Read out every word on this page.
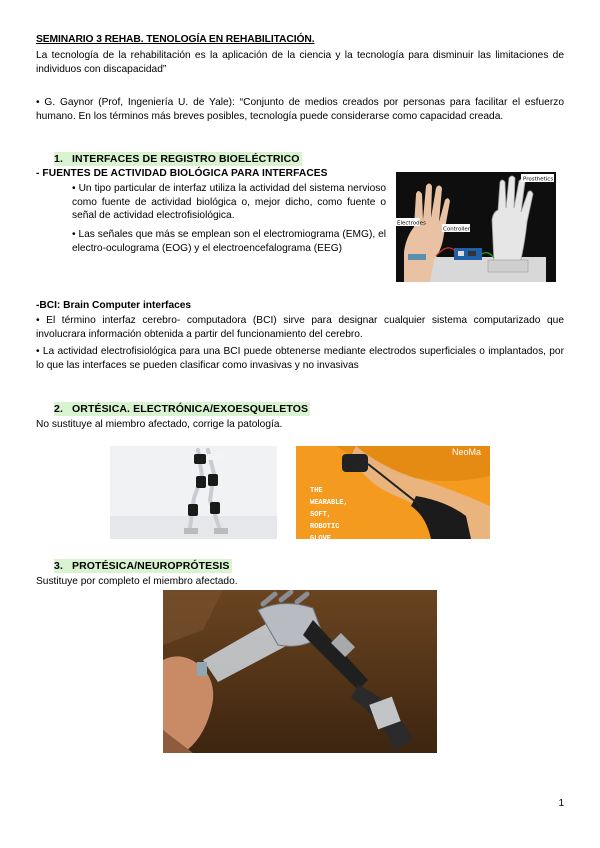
SEMINARIO 3 REHAB. TENOLOGÍA EN REHABILITACIÓN.
La tecnología de la rehabilitación es la aplicación de la ciencia y la tecnología para disminuir las limitaciones de individuos con discapacidad”
• G. Gaynor (Prof, Ingeniería U. de Yale): “Conjunto de medios creados por personas para facilitar el esfuerzo humano. En los términos más breves posibles, tecnología puede considerarse como capacidad creada.
1. INTERFACES DE REGISTRO BIOELÉCTRICO
- FUENTES DE ACTIVIDAD BIOLÓGICA PARA INTERFACES
• Un tipo particular de interfaz utiliza la actividad del sistema nervioso como fuente de actividad biológica o, mejor dicho, como fuente o señal de actividad electrofisiológica.
• Las señales que más se emplean son el electromiograma (EMG), el electro-oculograma (EOG) y el electroencefalograma (EEG)
Prosthetics
Electrodes
Controller
-BCI: Brain Computer interfaces
• El término interfaz cerebro- computadora (BCI) sirve para designar cualquier sistema computarizado que involucrara información obtenida a partir del funcionamiento del cerebro.
• La actividad electrofisiológica para una BCI puede obtenerse mediante electrodos superficiales o implantados, por lo que las interfaces se pueden clasificar como invasivas y no invasivas
2. ORTÉSICA. ELECTRÓNICA/EXOESQUELETOS
No sustituye al miembro afectado, corrige la patología.
NeoMa
THE
WEARABLE,
SOFT,
ROBOTIC
GLOVE
3. PROTÉSICA/NEUROPRÓTESIS
Sustituye por completo el miembro afectado.
1
